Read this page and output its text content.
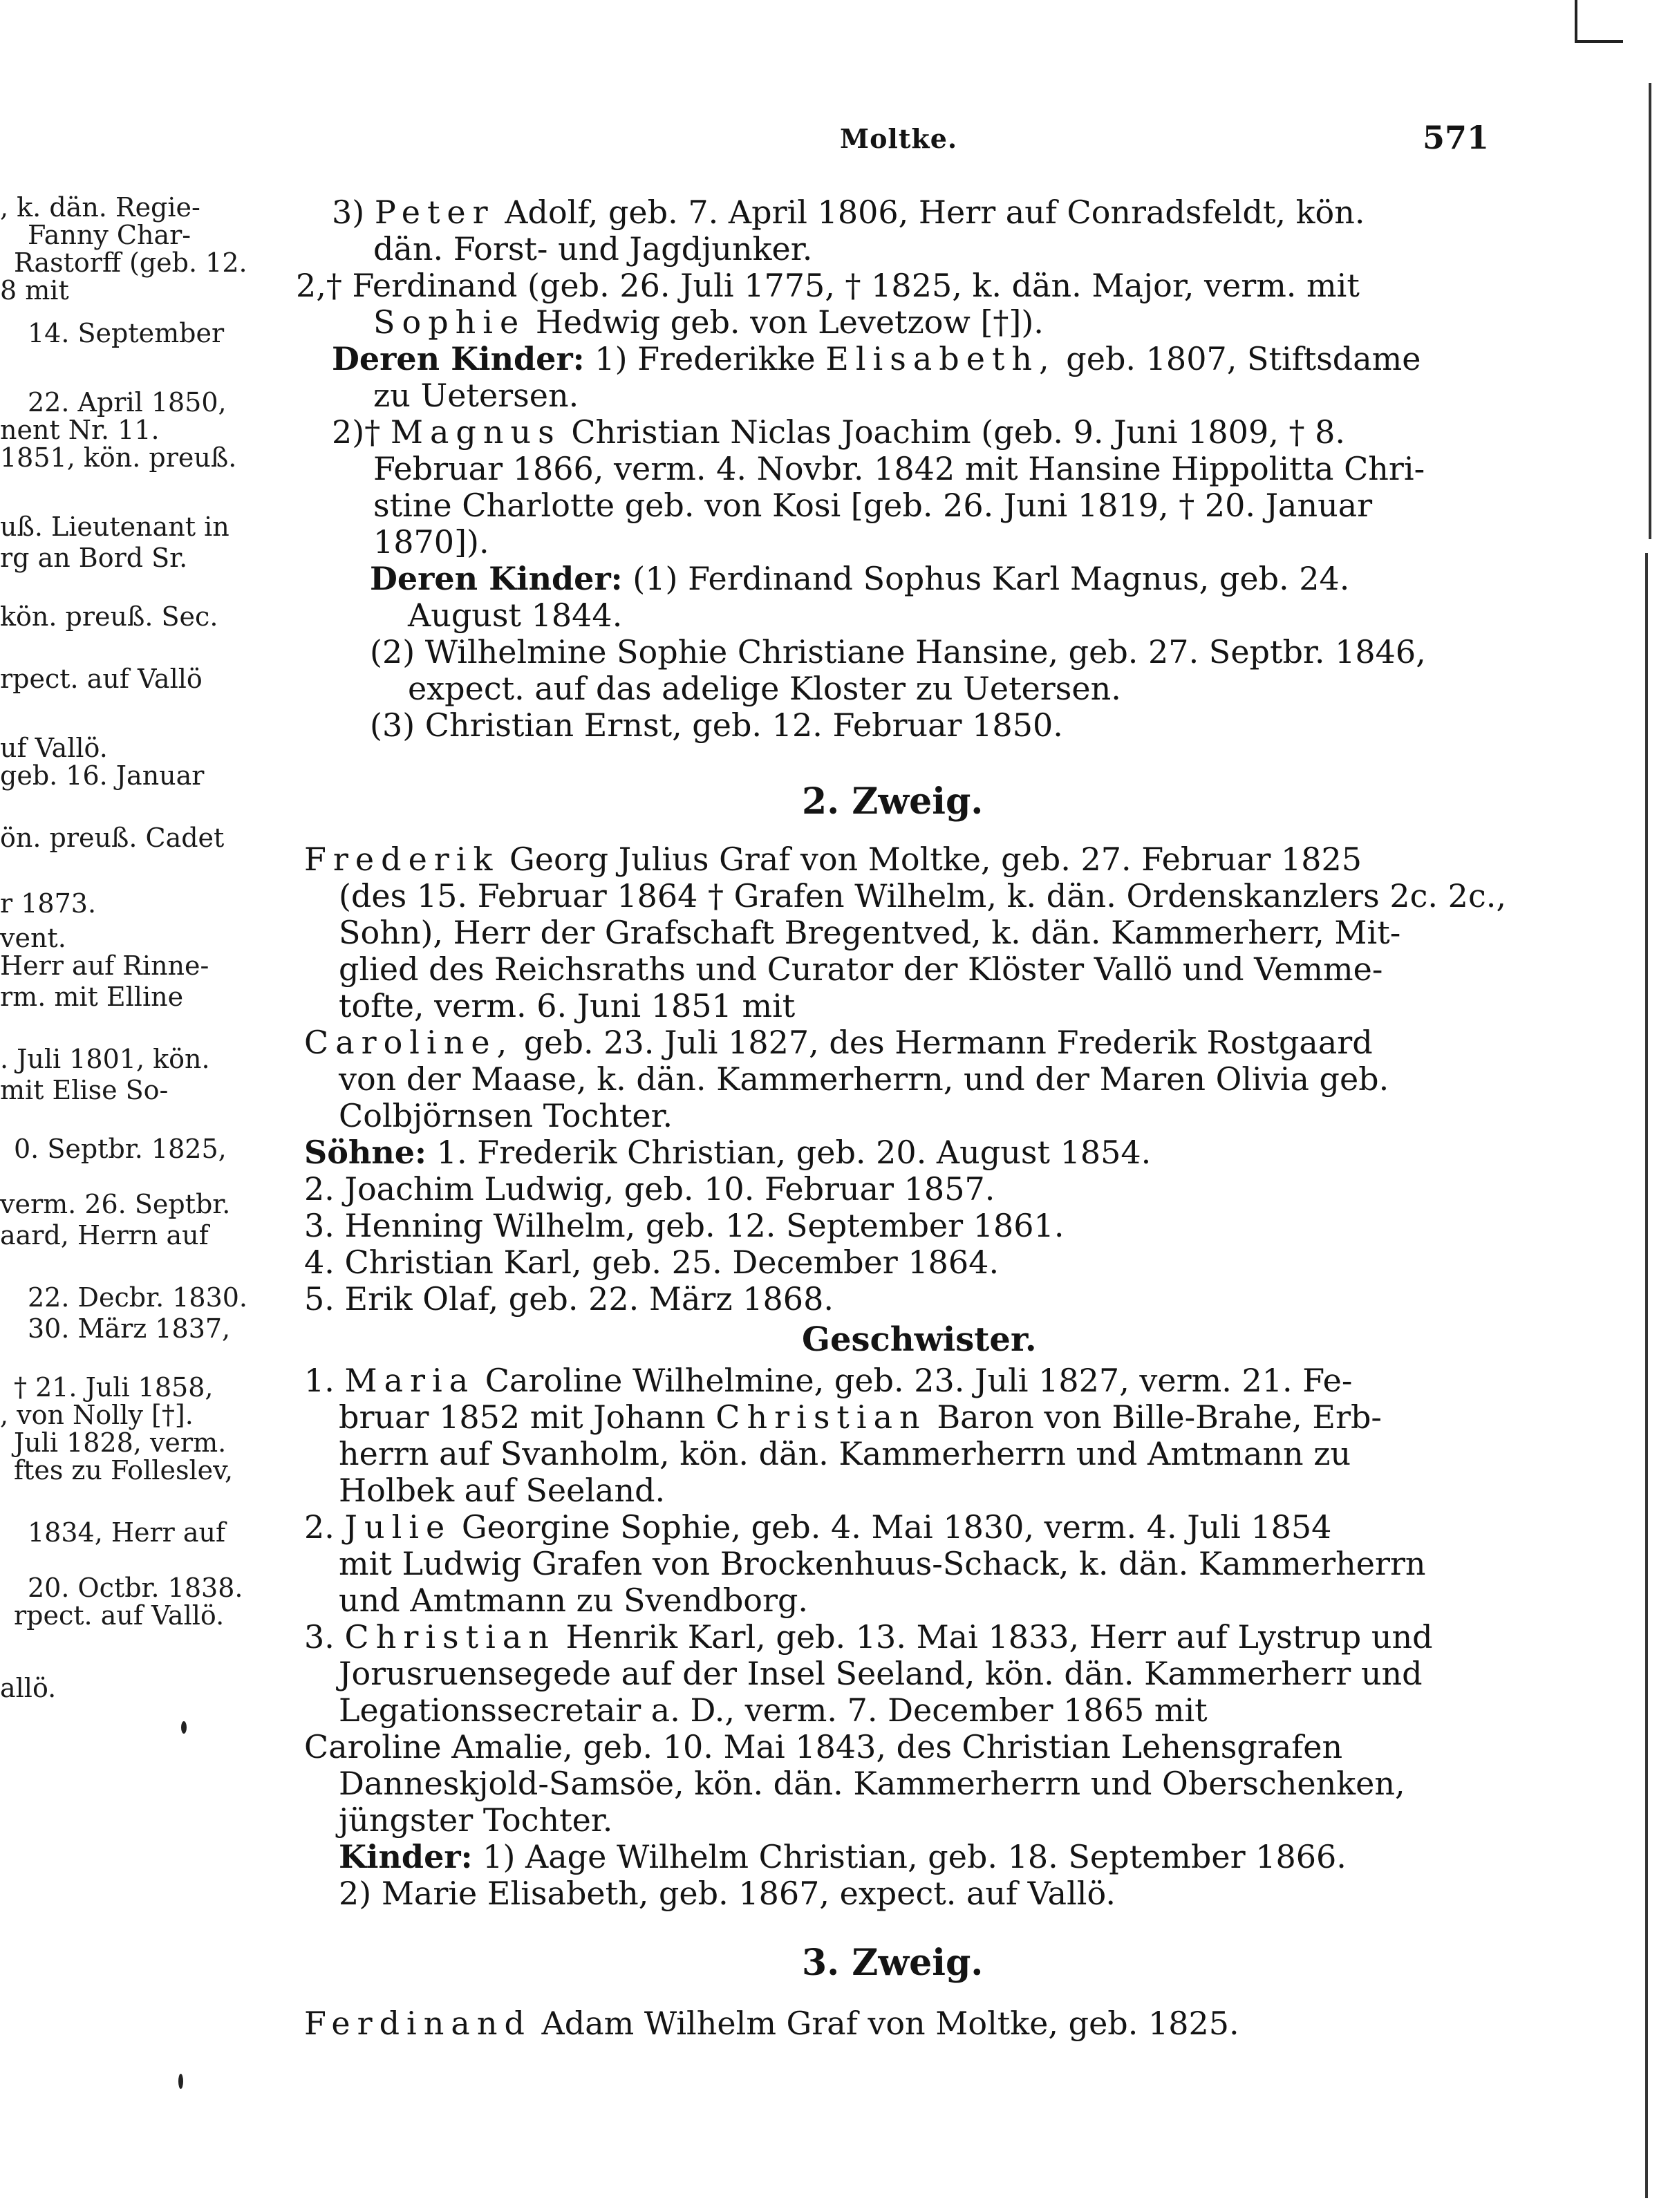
, k. dän. Regie-
Fanny Char-
Rastorff (geb. 12.
8 mit
14. September
22. April 1850,
nent Nr. 11.
1851, kön. preuß.
uß. Lieutenant in
rg an Bord Sr.
kön. preuß. Sec.
rpect. auf Vallö
uf Vallö.
geb. 16. Januar
ön. preuß. Cadet
r 1873.
vent.
Herr auf Rinne-
rm. mit Elline
. Juli 1801, kön.
mit Elise So-
0. Septbr. 1825,
verm. 26. Septbr.
aard, Herrn auf
22. Decbr. 1830.
30. März 1837,
† 21. Juli 1858,
, von Nolly [†].
Juli 1828, verm.
ftes zu Folleslev,
1834, Herr auf
20. Octbr. 1838.
rpect. auf Vallö.
allö.
Moltke.	571
3) Peter Adolf, geb. 7. April 1806, Herr auf Conradsfeldt, kön.
dän. Forst- und Jagdjunker.
2,† Ferdinand (geb. 26. Juli 1775, † 1825, k. dän. Major, verm. mit
Sophie Hedwig geb. von Levetzow [†]).
Deren Kinder: 1) Frederikke Elisabeth, geb. 1807, Stiftsdame
zu Uetersen.
2)† Magnus Christian Niclas Joachim (geb. 9. Juni 1809, † 8.
Februar 1866, verm. 4. Novbr. 1842 mit Hansine Hippolitta Chri-
stine Charlotte geb. von Kosi [geb. 26. Juni 1819, † 20. Januar
1870]).
Deren Kinder: (1) Ferdinand Sophus Karl Magnus, geb. 24.
August 1844.
(2) Wilhelmine Sophie Christiane Hansine, geb. 27. Septbr. 1846,
expect. auf das adelige Kloster zu Uetersen.
(3) Christian Ernst, geb. 12. Februar 1850.
2. Zweig.
Frederik Georg Julius Graf von Moltke, geb. 27. Februar 1825
(des 15. Februar 1864 † Grafen Wilhelm, k. dän. Ordenskanzlers 2c. 2c.,
Sohn), Herr der Grafschaft Bregentved, k. dän. Kammerherr, Mit-
glied des Reichsraths und Curator der Klöster Vallö und Vemme-
tofte, verm. 6. Juni 1851 mit
Caroline, geb. 23. Juli 1827, des Hermann Frederik Rostgaard
von der Maase, k. dän. Kammerherrn, und der Maren Olivia geb.
Colbjörnsen Tochter.
Söhne: 1. Frederik Christian, geb. 20. August 1854.
2. Joachim Ludwig, geb. 10. Februar 1857.
3. Henning Wilhelm, geb. 12. September 1861.
4. Christian Karl, geb. 25. December 1864.
5. Erik Olaf, geb. 22. März 1868.
Geschwister.
1. Maria Caroline Wilhelmine, geb. 23. Juli 1827, verm. 21. Fe-
bruar 1852 mit Johann Christian Baron von Bille-Brahe, Erb-
herrn auf Svanholm, kön. dän. Kammerherrn und Amtmann zu
Holbek auf Seeland.
2. Julie Georgine Sophie, geb. 4. Mai 1830, verm. 4. Juli 1854
mit Ludwig Grafen von Brockenhuus-Schack, k. dän. Kammerherrn
und Amtmann zu Svendborg.
3. Christian Henrik Karl, geb. 13. Mai 1833, Herr auf Lystrup und
Jorusruensegede auf der Insel Seeland, kön. dän. Kammerherr und
Legationssecretair a. D., verm. 7. December 1865 mit
Caroline Amalie, geb. 10. Mai 1843, des Christian Lehensgrafen
Danneskjold-Samsöe, kön. dän. Kammerherrn und Oberschenken,
jüngster Tochter.
Kinder: 1) Aage Wilhelm Christian, geb. 18. September 1866.
2) Marie Elisabeth, geb. 1867, expect. auf Vallö.
3. Zweig.
Ferdinand Adam Wilhelm Graf von Moltke, geb. 1825.
